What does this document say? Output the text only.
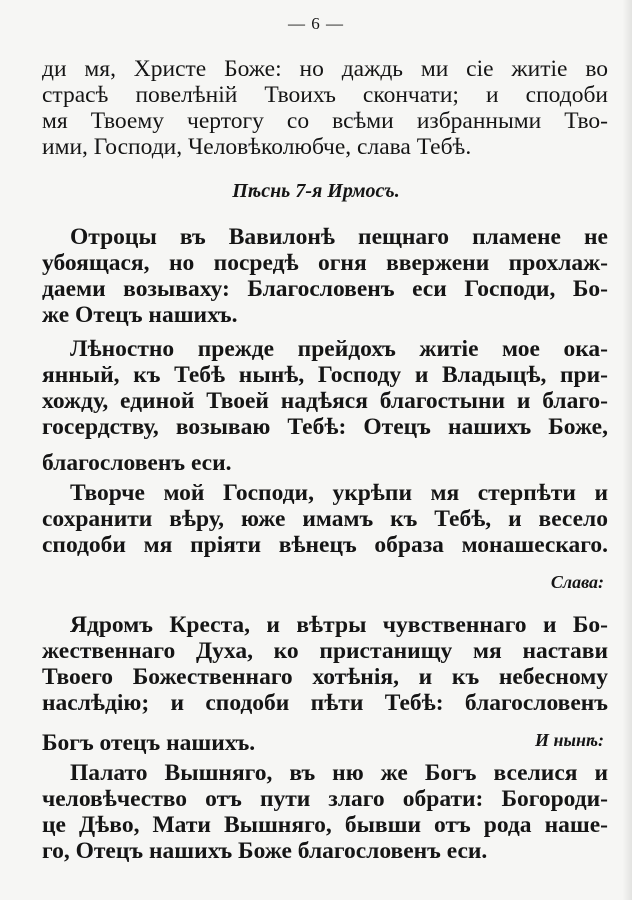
— 6 —
ди мя, Христе Боже: но даждь ми сіе житіе во
страсѣ повелѣній Твоихъ скончати; и сподоби
мя Твоему чертогу со всѣми избранными Тво-
ими, Господи, Человѣколюбче, слава Тебѣ.
Пѣснь 7-я Ирмосъ.
Отроцы въ Вавилонѣ пещнаго пламене не
убоящася, но посредѣ огня ввержени прохлаж-
даеми возываху: Благословенъ еси Господи, Бо-
же Отецъ нашихъ.
Лѣностно прежде прейдохъ житіе мое ока-
янный, къ Тебѣ нынѣ, Господу и Владыцѣ, при-
хожду, единой Твоей надѣяся благостыни и благо-
госердству, возываю Тебѣ: Отецъ нашихъ Боже,
благословенъ еси.
Творче мой Господи, укрѣпи мя стерпѣти и
сохранити вѣру, юже имамъ къ Тебѣ, и весело
сподоби мя пріяти вѣнецъ образа монашескаго.
Слава:
Ядромъ Креста, и вѣтры чувственнаго и Бо-
жественнаго Духа, ко пристанищу мя настави
Твоего Божественнаго хотѣнія, и къ небесному
наслѣдію; и сподоби пѣти Тебѣ: благословенъ
Богъ отецъ нашихъ.	И нынѣ:
Палато Вышняго, въ ню же Богъ вселися и
человѣчество отъ пути злаго обрати: Богороди-
це Дѣво, Мати Вышняго, бывши отъ рода наше-
го, Отецъ нашихъ Боже благословенъ еси.
